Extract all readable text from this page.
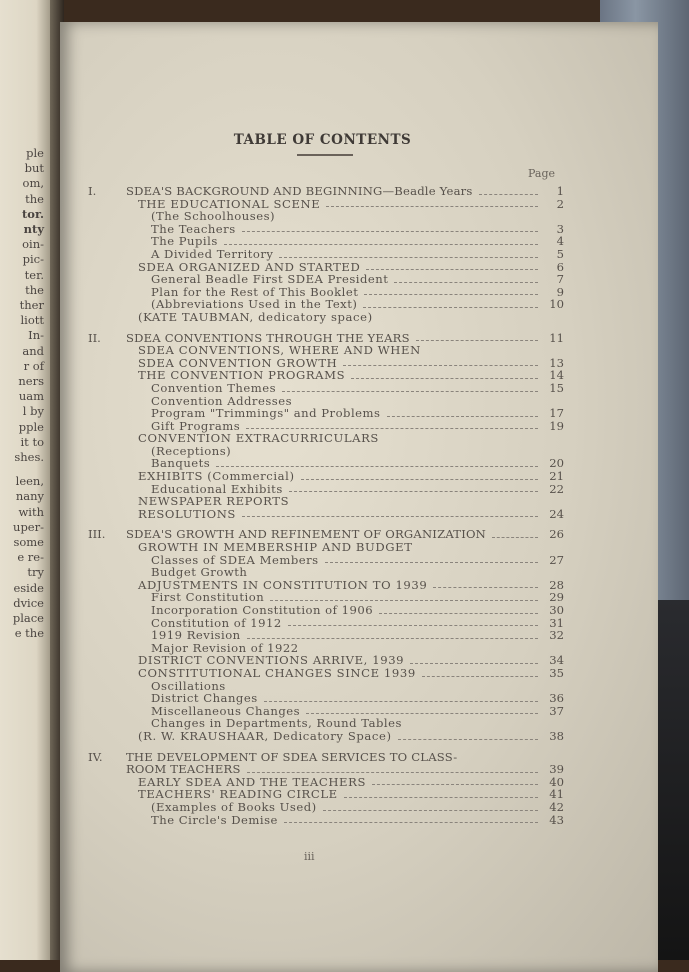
ple
but
om,
the
tor.
nty
oin-
pic-
ter.
the
ther
liott
In-
and
r of
ners
uam
l by
pple
it to
shes.

leen,
nany
with
uper-
some
e re-
try
eside
dvice
place
e the
TABLE OF CONTENTS
Page
I.	SDEA'S BACKGROUND AND BEGINNING—Beadle Years	1
THE EDUCATIONAL SCENE	2
(The Schoolhouses)
The Teachers	3
The Pupils	4
A Divided Territory	5
SDEA ORGANIZED AND STARTED	6
General Beadle First SDEA President	7
Plan for the Rest of This Booklet	9
(Abbreviations Used in the Text)	10
(KATE TAUBMAN, dedicatory space)
II.	SDEA CONVENTIONS THROUGH THE YEARS	11
SDEA CONVENTIONS, WHERE AND WHEN
SDEA CONVENTION GROWTH	13
THE CONVENTION PROGRAMS	14
Convention Themes	15
Convention Addresses
Program "Trimmings" and Problems	17
Gift Programs	19
CONVENTION EXTRACURRICULARS
(Receptions)
Banquets	20
EXHIBITS (Commercial)	21
Educational Exhibits	22
NEWSPAPER REPORTS
RESOLUTIONS	24
III.	SDEA'S GROWTH AND REFINEMENT OF ORGANIZATION	26
GROWTH IN MEMBERSHIP AND BUDGET
Classes of SDEA Members	27
Budget Growth
ADJUSTMENTS IN CONSTITUTION TO 1939	28
First Constitution	29
Incorporation Constitution of 1906	30
Constitution of 1912	31
1919 Revision	32
Major Revision of 1922
DISTRICT CONVENTIONS ARRIVE, 1939	34
CONSTITUTIONAL CHANGES SINCE 1939	35
Oscillations
District Changes	36
Miscellaneous Changes	37
Changes in Departments, Round Tables
(R. W. KRAUSHAAR, Dedicatory Space)	38
IV.	THE DEVELOPMENT OF SDEA SERVICES TO CLASS-
ROOM TEACHERS	39
EARLY SDEA AND THE TEACHERS	40
TEACHERS' READING CIRCLE	41
(Examples of Books Used)	42
The Circle's Demise	43
iii
